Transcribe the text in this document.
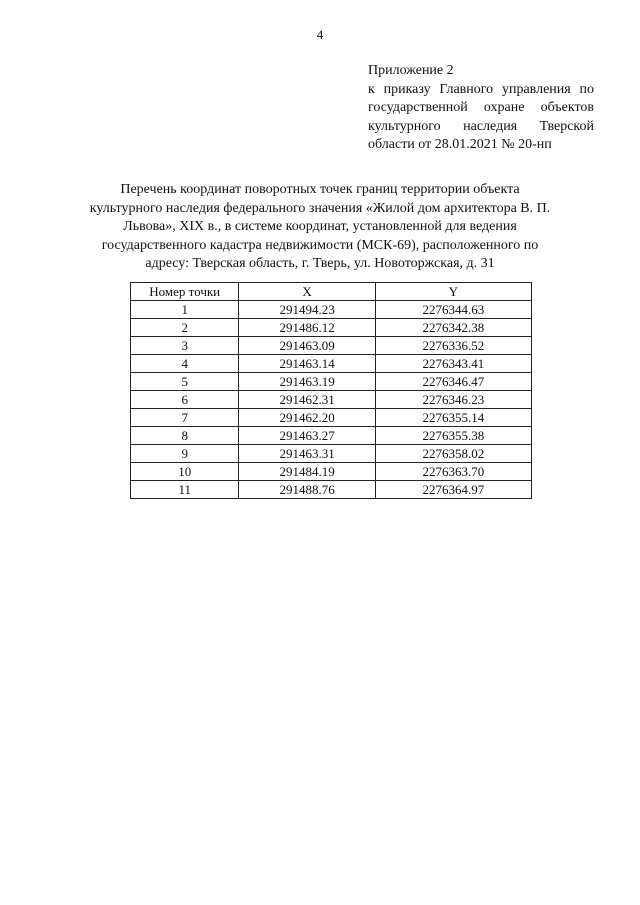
4
Приложение 2
к приказу Главного управления по
государственной охране объектов
культурного наследия Тверской
области от 28.01.2021 № 20-нп
Перечень координат поворотных точек границ территории объекта
культурного наследия федерального значения «Жилой дом архитектора В. П.
Львова», XIX в., в системе координат, установленной для ведения
государственного кадастра недвижимости (МСК-69), расположенного по
адресу: Тверская область, г. Тверь, ул. Новоторжская, д. 31
Номер точки	X	Y
1	291494.23	2276344.63
2	291486.12	2276342.38
3	291463.09	2276336.52
4	291463.14	2276343.41
5	291463.19	2276346.47
6	291462.31	2276346.23
7	291462.20	2276355.14
8	291463.27	2276355.38
9	291463.31	2276358.02
10	291484.19	2276363.70
11	291488.76	2276364.97
